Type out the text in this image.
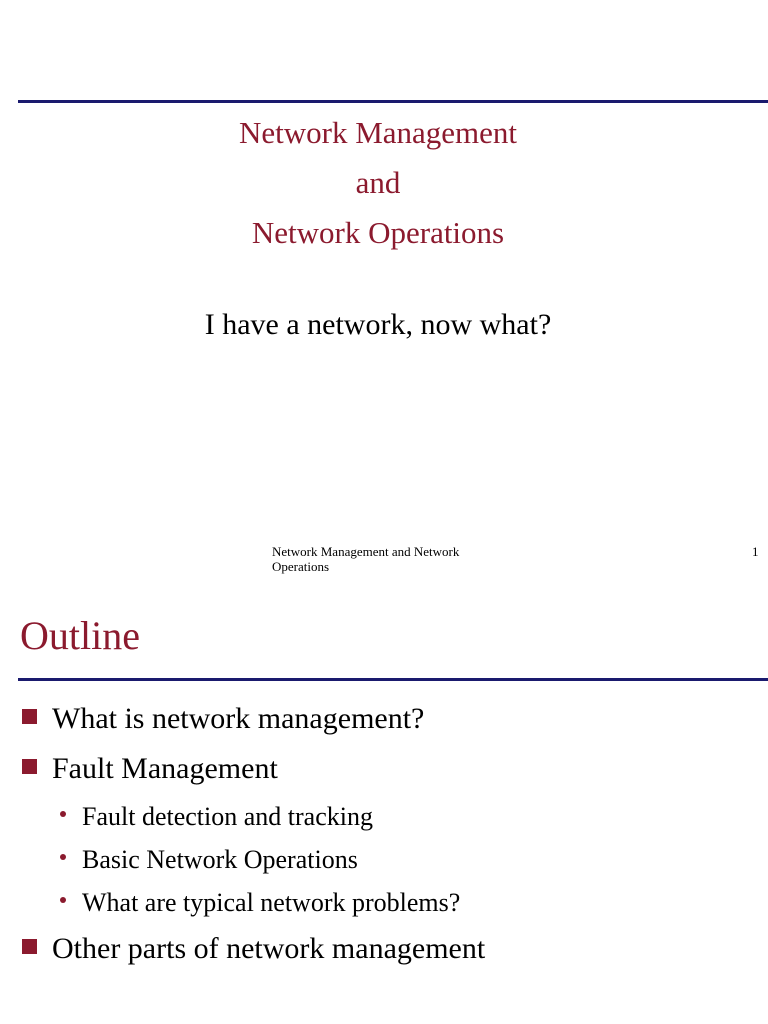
Network Management
and
Network Operations
I have a network, now what?
Network Management and Network
Operations
1
Outline
What is network management?
Fault Management
Fault detection and tracking
Basic Network Operations
What are typical network problems?
Other parts of network management
